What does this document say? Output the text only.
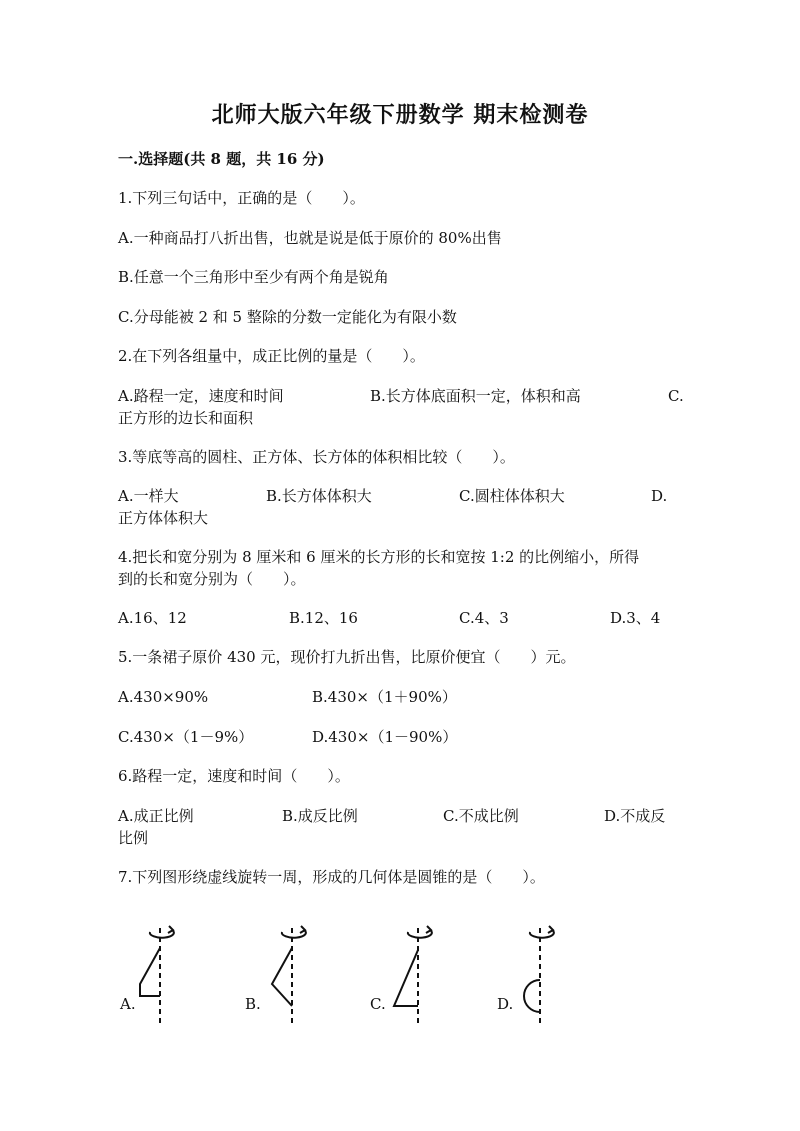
北师大版六年级下册数学 期末检测卷
一.选择题(共 8 题，共 16 分)
1.下列三句话中，正确的是（　　）。
A.一种商品打八折出售，也就是说是低于原价的 80%出售
B.任意一个三角形中至少有两个角是锐角
C.分母能被 2 和 5 整除的分数一定能化为有限小数
2.在下列各组量中，成正比例的量是（　　）。
A.路程一定，速度和时间	B.长方体底面积一定，体积和高	C.
正方形的边长和面积
3.等底等高的圆柱、正方体、长方体的体积相比较（　　）。
A.一样大	B.长方体体积大	C.圆柱体体积大	D.
正方体体积大
4.把长和宽分别为 8 厘米和 6 厘米的长方形的长和宽按 1:2 的比例缩小，所得
到的长和宽分别为（　　）。
A.16、12	B.12、16	C.4、3	D.3、4
5.一条裙子原价 430 元，现价打九折出售，比原价便宜（　　）元。
A.430×90%	B.430×（1＋90%）
C.430×（1－9%）	D.430×（1－90%）
6.路程一定，速度和时间（　　）。
A.成正比例	B.成反比例	C.不成比例	D.不成反
比例
7.下列图形绕虚线旋转一周，形成的几何体是圆锥的是（　　）。
A.	B.	C.	D.
